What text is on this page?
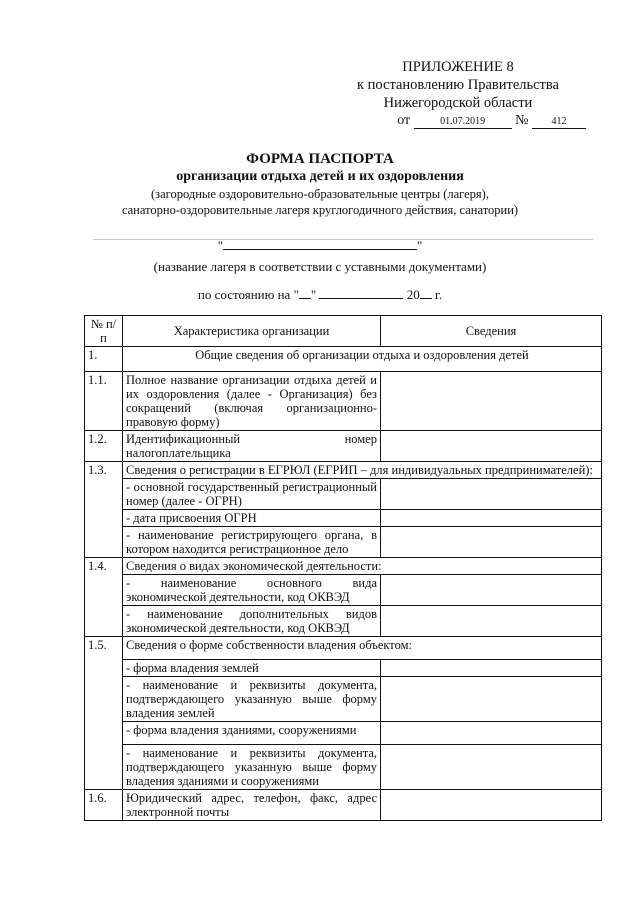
ПРИЛОЖЕНИЕ 8
к постановлению Правительства
Нижегородской области
от	01.07.2019 № 412
ФОРМА ПАСПОРТА
организации отдыха детей и их оздоровления
(загородные оздоровительно-образовательные центры (лагеря),
санаторно-оздоровительные лагеря круглогодичного действия, санатории)
"	"
(название лагеря в соответствии с уставными документами)
по состоянию на " "	20 г.
№ п/п	Характеристика организации	Сведения
1.	Общие сведения об организации отдыха и оздоровления детей	
1.1.	Полное название организации отдыха детей и их оздоровления (далее - Организация) без сокращений (включая организационно-правовую форму)	
1.2.	Идентификационный номер налогоплательщика	
1.3.	Сведения о регистрации в ЕГРЮЛ (ЕГРИП – для индивидуальных предпринимателей):	
	- основной государственный регистрационный номер (далее - ОГРН)	
	- дата присвоения ОГРН	
	- наименование регистрирующего органа, в котором находится регистрационное дело	
1.4.	Сведения о видах экономической деятельности:	
	- наименование основного вида экономической деятельности, код ОКВЭД	
	- наименование дополнительных видов экономической деятельности, код ОКВЭД	
1.5.	Сведения о форме собственности владения объектом:	
	- форма владения землей	
	- наименование и реквизиты документа, подтверждающего указанную выше форму владения землей	
	- форма владения зданиями, сооружениями	
	- наименование и реквизиты документа, подтверждающего указанную выше форму владения зданиями и сооружениями	
1.6.	Юридический адрес, телефон, факс, адрес электронной почты	
